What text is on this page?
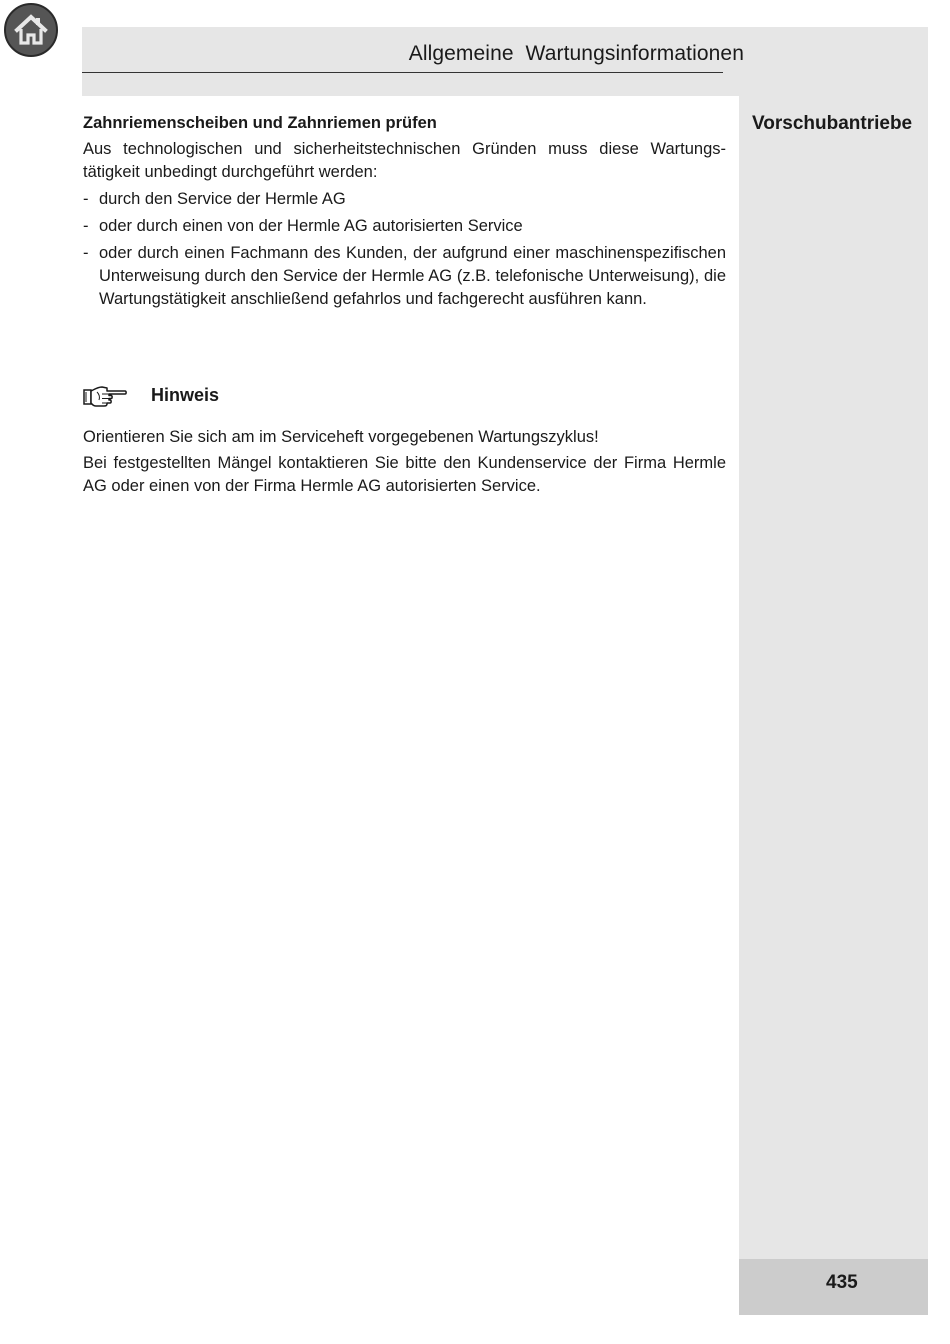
Allgemeine Wartungsinformationen
Vorschubantriebe
435
Zahnriemenscheiben und Zahnriemen prüfen

Aus technologischen und sicherheitstechnischen Gründen muss diese Wartungs-tätigkeit unbedingt durchgeführt werden:

- durch den Service der Hermle AG
- oder durch einen von der Hermle AG autorisierten Service
- oder durch einen Fachmann des Kunden, der aufgrund einer maschinenspezifischen Unterweisung durch den Service der Hermle AG (z.B. telefonische Unterweisung), die Wartungstätigkeit anschließend gefahrlos und fachgerecht ausführen kann.
Hinweis

Orientieren Sie sich am im Serviceheft vorgegebenen Wartungszyklus!

Bei festgestellten Mängel kontaktieren Sie bitte den Kundenservice der Firma Hermle AG oder einen von der Firma Hermle AG autorisierten Service.
